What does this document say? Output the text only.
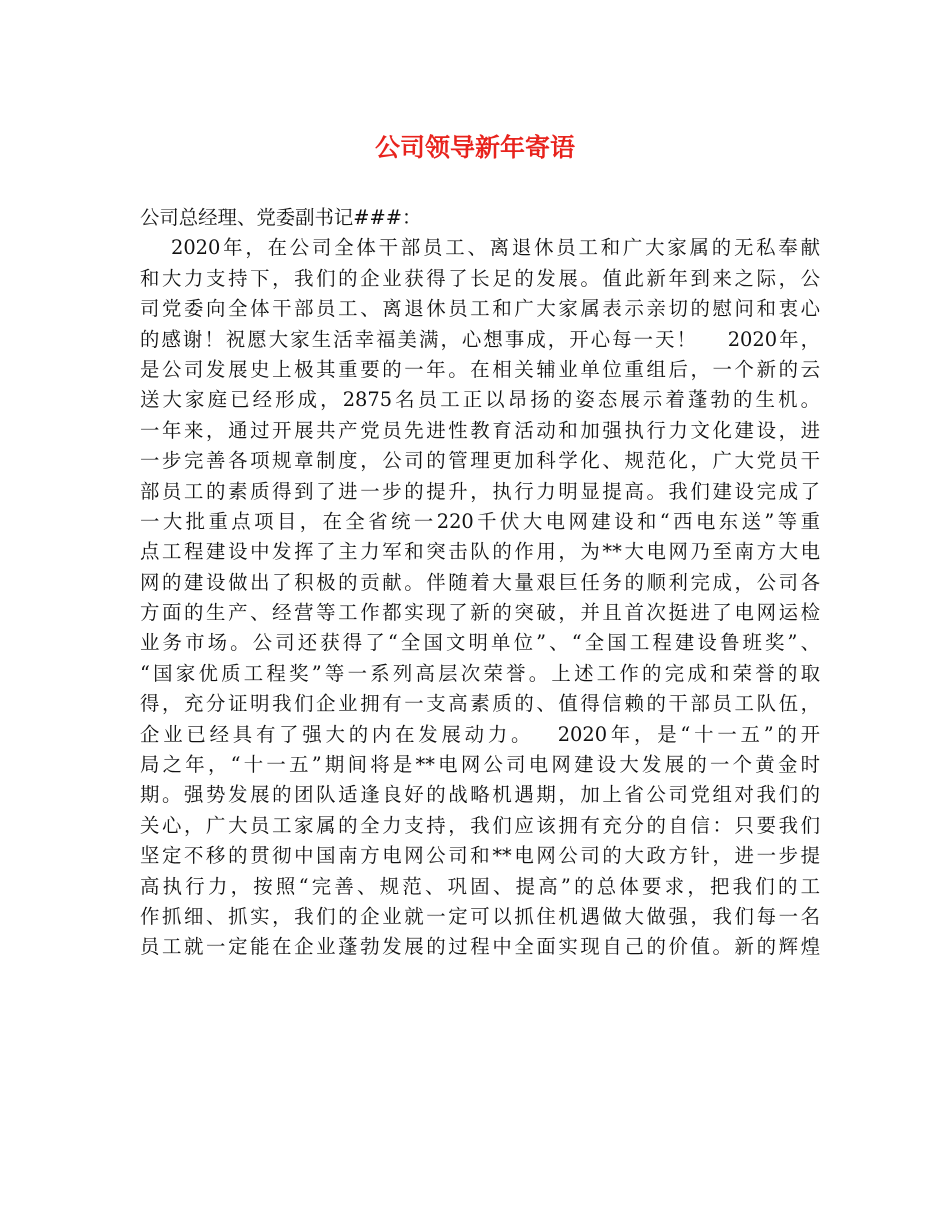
公司领导新年寄语
公司总经理、党委副书记###：
2020年，在公司全体干部员工、离退休员工和广大家属的无私奉献
和大力支持下，我们的企业获得了长足的发展。值此新年到来之际，公
司党委向全体干部员工、离退休员工和广大家属表示亲切的慰问和衷心
的感谢！祝愿大家生活幸福美满，心想事成，开心每一天！　 2020年，
是公司发展史上极其重要的一年。在相关辅业单位重组后，一个新的云
送大家庭已经形成，2875名员工正以昂扬的姿态展示着蓬勃的生机。
一年来，通过开展共产党员先进性教育活动和加强执行力文化建设，进
一步完善各项规章制度，公司的管理更加科学化、规范化，广大党员干
部员工的素质得到了进一步的提升，执行力明显提高。我们建设完成了
一大批重点项目，在全省统一220千伏大电网建设和“西电东送”等重
点工程建设中发挥了主力军和突击队的作用，为**大电网乃至南方大电
网的建设做出了积极的贡献。伴随着大量艰巨任务的顺利完成，公司各
方面的生产、经营等工作都实现了新的突破，并且首次挺进了电网运检
业务市场。公司还获得了“全国文明单位”、“全国工程建设鲁班奖”、
“国家优质工程奖”等一系列高层次荣誉。上述工作的完成和荣誉的取
得，充分证明我们企业拥有一支高素质的、值得信赖的干部员工队伍，
企业已经具有了强大的内在发展动力。　 2020年，是“十一五”的开
局之年，“十一五”期间将是**电网公司电网建设大发展的一个黄金时
期。强势发展的团队适逢良好的战略机遇期，加上省公司党组对我们的
关心，广大员工家属的全力支持，我们应该拥有充分的自信：只要我们
坚定不移的贯彻中国南方电网公司和**电网公司的大政方针，进一步提
高执行力，按照“完善、规范、巩固、提高”的总体要求，把我们的工
作抓细、抓实，我们的企业就一定可以抓住机遇做大做强，我们每一名
员工就一定能在企业蓬勃发展的过程中全面实现自己的价值。新的辉煌
